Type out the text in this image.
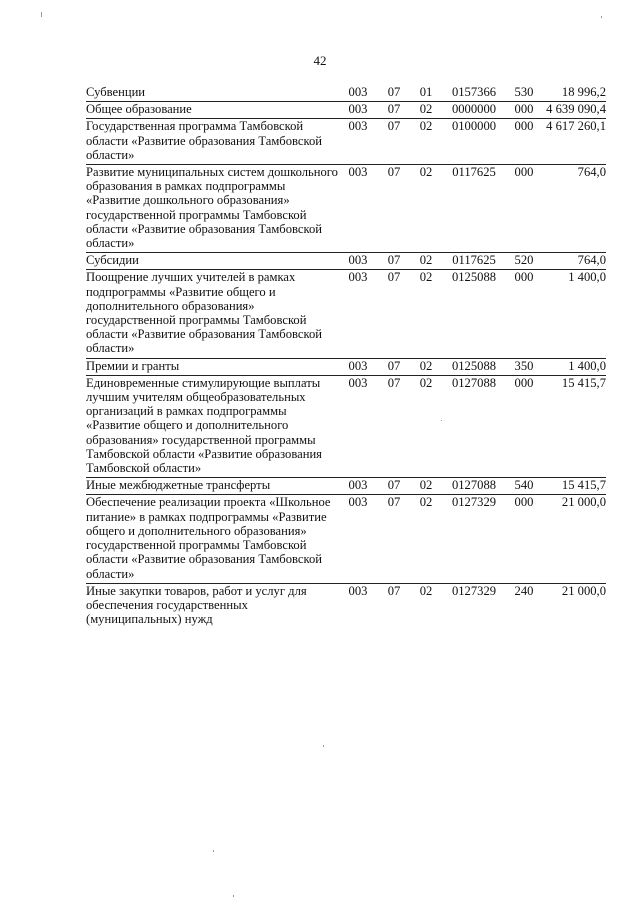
42
Субвенции	003	07	01	0157366	530	18 996,2

Общее образование	003	07	02	0000000	000	4 639 090,4

Государственная программа Тамбовской области «Развитие образования Тамбовской области»	003	07	02	0100000	000	4 617 260,1

Развитие муниципальных систем дошкольного образования в рамках подпрограммы «Развитие дошкольного образования» государственной программы Тамбовской области «Развитие образования Тамбовской области»	003	07	02	0117625	000	764,0

Субсидии	003	07	02	0117625	520	764,0

Поощрение лучших учителей в рамках подпрограммы «Развитие общего и дополнительного образования» государственной программы Тамбовской области «Развитие образования Тамбовской области»	003	07	02	0125088	000	1 400,0

Премии и гранты	003	07	02	0125088	350	1 400,0

Единовременные стимулирующие выплаты лучшим учителям общеобразовательных организаций в рамках подпрограммы «Развитие общего и дополнительного образования» государственной программы Тамбовской области «Развитие образования Тамбовской области»	003	07	02	0127088	000	15 415,7

Иные межбюджетные трансферты	003	07	02	0127088	540	15 415,7

Обеспечение реализации проекта «Школьное питание» в рамках подпрограммы «Развитие общего и дополнительного образования» государственной программы Тамбовской области «Развитие образования Тамбовской области»	003	07	02	0127329	000	21 000,0

Иные закупки товаров, работ и услуг для обеспечения государственных (муниципальных) нужд	003	07	02	0127329	240	21 000,0
